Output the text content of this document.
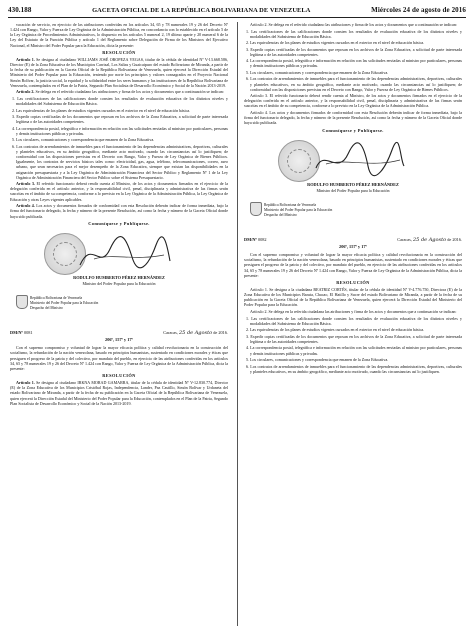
430.188	GACETA OFICIAL DE LA REPÚBLICA BOLIVARIANA DE VENEZUELA	Miércoles 24 de agosto de 2016

vacación de servicio, en ejercicio de las atribuciones conferidas en los artículos 34, 65 y 78 numerales 19 y 26 del Decreto Nº 1.424 con Rango, Valor y Fuerza de Ley Orgánica de la Administración Pública, en concordancia con lo establecido en el artículo 5 de la Ley Orgánica de Procedimientos Administrativos, lo dispuesto en los artículos 5 numeral 2, 19 último aparte y 20 numeral 6 de la Ley del Estatuto de la Función Pública y artículo 1 del Reglamento sobre Delegación de Firma de los Ministros del Ejecutivo Nacional, el Ministro del Poder Popular para la Educación, dicta la presente:

RESOLUCIÓN

Artículo 1. Se designa al ciudadano WILLIAMS JOSÉ OROPEZA VEGAS, titular de la cédula de identidad Nº V-13.668.586, Director (E) de la Zona Educativa de los Municipios Carrizal, Los Salias y Guaicaipuro del estado Bolivariano de Miranda, a partir de la fecha de su publicación en la Gaceta Oficial de la República Bolivariana de Venezuela, quien ejercerá la Dirección Estadal del Ministerio del Poder Popular para la Educación, teniendo por norte los principios y valores consagrados en el Proyecto Nacional Simón Bolívar, la justicia social, la equidad y la solidaridad entre los seres humanos y las instituciones de la República Bolivariana de Venezuela, contemplados en el Plan de la Patria, Segundo Plan Socialista de Desarrollo Económico y Social de la Nación 2013-2019.

Artículo 2. Se delega en el referido ciudadano las atribuciones y firma de los actos y documentos que a continuación se indican:

1. Las certificaciones de las calificaciones donde consten los resultados de evaluación educativa de los distintos niveles y modalidades del Subsistema de Educación Básica.

2. Las equivalencias de los planes de estudios vigentes cursados en el exterior en el nivel de educación básica.

3. Expedir copias certificadas de los documentos que reposan en los archivos de la Zona Educativa, a solicitud de parte interesada legítima o de las autoridades competentes.

4. La correspondencia postal, telegráfica e información en relación con las solicitudes enviadas al ministro por particulares, personas y demás instituciones públicas y privadas.

5. Los circulares, comunicaciones y correspondencia que emanen de la Zona Educativa.

6. Los contratos de arrendamientos de inmuebles para el funcionamiento de las dependencias administrativas, deportivas, culturales y planteles educativos, en su ámbito geográfico, mediante acto motivado, cuando las circunstancias así lo justifiquen; de conformidad con las disposiciones previstas en el Decreto con Rango, Valor y Fuerza de Ley Orgánica de Bienes Públicos. Igualmente, los contratos de servicios básicos tales como: electricidad, gas, agua, teléfono, telecomunicaciones, correo, aseo urbano, que sean necesarios para el mejor desempeño de la Zona Educativa, siempre que existan las disponibilidades en la asignación presupuestaria y a la Ley Orgánica de Administración Financiera del Sector Público y Reglamento Nº 1 de la Ley Orgánica de Administración Financiera del Sector Público sobre el Sistema Presupuestario.

Artículo 3. El referido funcionario deberá rendir cuenta al Ministro, de los actos y documentos firmados en el ejercicio de la delegación conferida en el artículo anterior, y la responsabilidad civil, penal, disciplinaria y administrativa de las firmas serán suscritas en el ámbito de su competencia, conforme a lo previsto en la Ley Orgánica de la Administración Pública, la Ley Orgánica de Educación y otras Leyes vigentes aplicables.

Artículo 4. Los actos y documentos firmados de conformidad con esta Resolución deberán indicar de forma inmediata, bajo la firma del funcionario delegado, la fecha y número de la presente Resolución, así como la fecha y número de la Gaceta Oficial donde haya sido publicada.

Comuníquese y Publíquese.
RODULFO HUMBERTO PÉREZ HERNÁNDEZ
Ministro del Poder Popular para la Educación
República Bolivariana de Venezuela
Ministerio del Poder Popular para la Educación
Despacho del Ministro
DM/Nº 0081	Caracas, 25 de Agosto de 2016.
206º, 157º y 17º

Con el supremo compromiso y voluntad de lograr la mayor eficacia política y calidad revolucionaria en la construcción del socialismo, la refundación de la nación venezolana, basado en principios humanistas, sustentado en condiciones morales y éticas que persiguen el progreso de la patria y del colectivo, por mandato del pueblo, en ejercicio de las atribuciones conferidas en los artículos 34, 65 y 78 numerales 19 y 26 del Decreto Nº 1.424 con Rango, Valor y Fuerza de Ley Orgánica de la Administración Pública, dicta la presente:

RESOLUCIÓN

Artículo 1. Se designa al ciudadano IRKNA MORAD GAMARRA, titular de la cédula de identidad Nº V-12.830.774, Director (E) de la Zona Educativa de los Municipios Cristóbal Rojas, Independencia, Lander, Paz Castillo, Simón Bolívar y Urdaneta del estado Bolivariano de Miranda, a partir de la fecha de su publicación en la Gaceta Oficial de la República Bolivariana de Venezuela, quien ejercerá la Dirección Estadal del Ministerio del Poder Popular para la Educación, contemplados en el Plan de la Patria, Segundo Plan Socialista de Desarrollo Económico y Social de la Nación 2013-2019.

Artículo 2. Se delega en el referido ciudadano las atribuciones y firma de los actos y documentos que a continuación se indican:

1. Las certificaciones de las calificaciones donde consten los resultados de evaluación educativa de los distintos niveles y modalidades del Subsistema de Educación Básica.

2. Las equivalencias de los planes de estudios vigentes cursados en el exterior en el nivel de educación básica.

3. Expedir copias certificadas de los documentos que reposan en los archivos de la Zona Educativa, a solicitud de parte interesada legítima o de las autoridades competentes.

4. La correspondencia postal, telegráfica e información en relación con las solicitudes enviadas al ministro por particulares, personas y demás instituciones públicas y privadas.

5. Los circulares, comunicaciones y correspondencia que emanen de la Zona Educativa.

6. Los contratos de arrendamientos de inmuebles para el funcionamiento de las dependencias administrativas, deportivas, culturales y planteles educativos, en su ámbito geográfico, mediante acto motivado, cuando las circunstancias así lo justifiquen; de conformidad con las disposiciones previstas en el Decreto con Rango, Valor y Fuerza de Ley Orgánica de Bienes Públicos.

Artículo 3. El referido funcionario deberá rendir cuenta al Ministro, de los actos y documentos firmados en el ejercicio de la delegación conferida en el artículo anterior, y la responsabilidad civil, penal, disciplinaria y administrativa de las firmas serán suscritas en el ámbito de su competencia, conforme a lo previsto en la Ley Orgánica de la Administración Pública.

Artículo 4. Los actos y documentos firmados de conformidad con esta Resolución deberán indicar de forma inmediata, bajo la firma del funcionario delegado, la fecha y número de la presente Resolución, así como la fecha y número de la Gaceta Oficial donde haya sido publicada.

Comuníquese y Publíquese.
RODULFO HUMBERTO PÉREZ HERNÁNDEZ
Ministro del Poder Popular para la Educación
República Bolivariana de Venezuela
Ministerio del Poder Popular para la Educación
Despacho del Ministro
DM/Nº 0082	Caracas, 25 de Agosto de 2016.
206º, 157º y 17º

Con el supremo compromiso y voluntad de lograr la mayor eficacia política y calidad revolucionaria en la construcción del socialismo, la refundación de la nación venezolana, basado en principios humanistas, sustentado en condiciones morales y éticas que persiguen el progreso de la patria y del colectivo, por mandato del pueblo, en ejercicio de las atribuciones conferidas en los artículos 34, 65 y 78 numerales 19 y 26 del Decreto Nº 1.424 con Rango, Valor y Fuerza de Ley Orgánica de la Administración Pública, dicta la presente:

RESOLUCIÓN

Artículo 1. Se designa a la ciudadana BEATRIZ CORTÉS, titular de la cédula de identidad Nº V-4.776.750, Directora (E) de la Zona Educativa de los Municipios Baruta, Chacao, El Hatillo y Sucre del estado Bolivariano de Miranda, a partir de la fecha de su publicación en la Gaceta Oficial de la República Bolivariana de Venezuela, quien ejercerá la Dirección Estadal del Ministerio del Poder Popular para la Educación.

Artículo 2. Se delega en la referida ciudadana las atribuciones y firma de los actos y documentos que a continuación se indican:

1. Las certificaciones de las calificaciones donde consten los resultados de evaluación educativa de los distintos niveles y modalidades del Subsistema de Educación Básica.

2. Las equivalencias de los planes de estudios vigentes cursados en el exterior en el nivel de educación básica.

3. Expedir copias certificadas de los documentos que reposan en los archivos de la Zona Educativa, a solicitud de parte interesada legítima o de las autoridades competentes.

4. La correspondencia postal, telegráfica e información en relación con las solicitudes enviadas al ministro por particulares, personas y demás instituciones públicas y privadas.

5. Los circulares, comunicaciones y correspondencia que emanen de la Zona Educativa.

6. Los contratos de arrendamientos de inmuebles para el funcionamiento de las dependencias administrativas, deportivas, culturales y planteles educativos, en su ámbito geográfico, mediante acto motivado, cuando las circunstancias así lo justifiquen.
